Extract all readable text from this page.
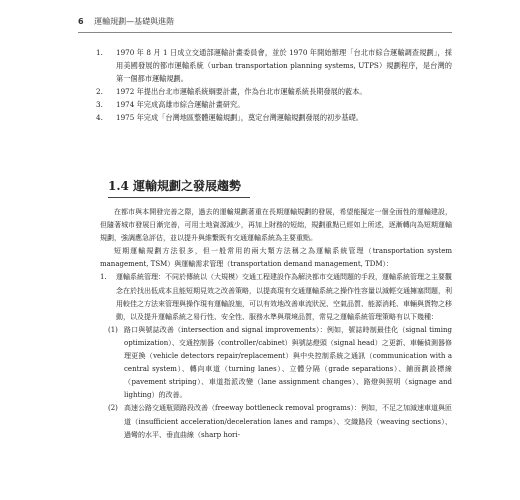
6 運輸規劃—基礎與進階
1.	1970 年 8 月 1 日成立交通部運輸計畫委員會，並於 1970 年開始辦理「台北市綜合運輸調查規劃」，採用美國發展的都市運輸系統（urban transportation planning systems, UTPS）規劃程序，是台灣的第一個都市運輸規劃。
2.	1972 年提出台北市運輸系統綱要計畫，作為台北市運輸系統長期發展的藍本。
3.	1974 年完成高雄市綜合運輸計畫研究。
4.	1975 年完成「台灣地區整體運輸規劃」，奠定台灣運輸規劃發展的初步基礎。
1.4 運輸規劃之發展趨勢

在都市與本開發完善之際，過去的運輸規劃著重在長期運輸規劃的發展，希望能擬定一個全面性的運輸建設，但隨著城市發展日漸完善，可用土地資源減少，再加上財務的短絀，規劃重點已經如上所述，逐漸轉向為短期運輸規劃，強調應急評估，並以提升與維繫既有交通運輸系統為主要重點。

短期運輸規劃方法很多，但一般常用的兩大類方法稱之為運輸系統管理（transportation system management, TSM）與運輸需求管理（transportation demand management, TDM）：

1.	運輸系統管理：不同於傳統以（大規模）交通工程建設作為解決都市交通問題的手段，運輸系統管理之主要觀念在於找出低成本且能短期見效之改善策略，以提高現有交通運輸系統之操作性容量以減輕交通擁塞問題，利用較佳之方法來管理與操作現有運輸設施，可以有效地改善車流狀況、空氣品質、能源消耗、車輛與貨物之移動，以及提升運輸系統之易行性、安全性、服務水準與環境品質，常見之運輸系統管理策略有以下幾種：
(1) 路口與號誌改善（intersection and signal improvements）：例如，號誌時制最佳化（signal timing optimization）、交通控制器（controller/cabinet）與號誌燈頭（signal head）之更新、車輛偵測器修理更換（vehicle detectors repair/replacement）與中央控制系統之通訊（communication with a central system）、轉向車道（turning lanes）、立體分隔（grade separations）、鋪面劃設標線（pavement striping）、車道指派改變（lane assignment changes）、路燈與照明（signage and lighting）的改善。
(2) 高速公路交通瓶頸路段改善（freeway bottleneck removal programs）：例如，不足之加減速車道與匝道（insufficient acceleration/deceleration lanes and ramps）、交織路段（weaving sections）、過彎的水平、垂直曲線（sharp hori-
